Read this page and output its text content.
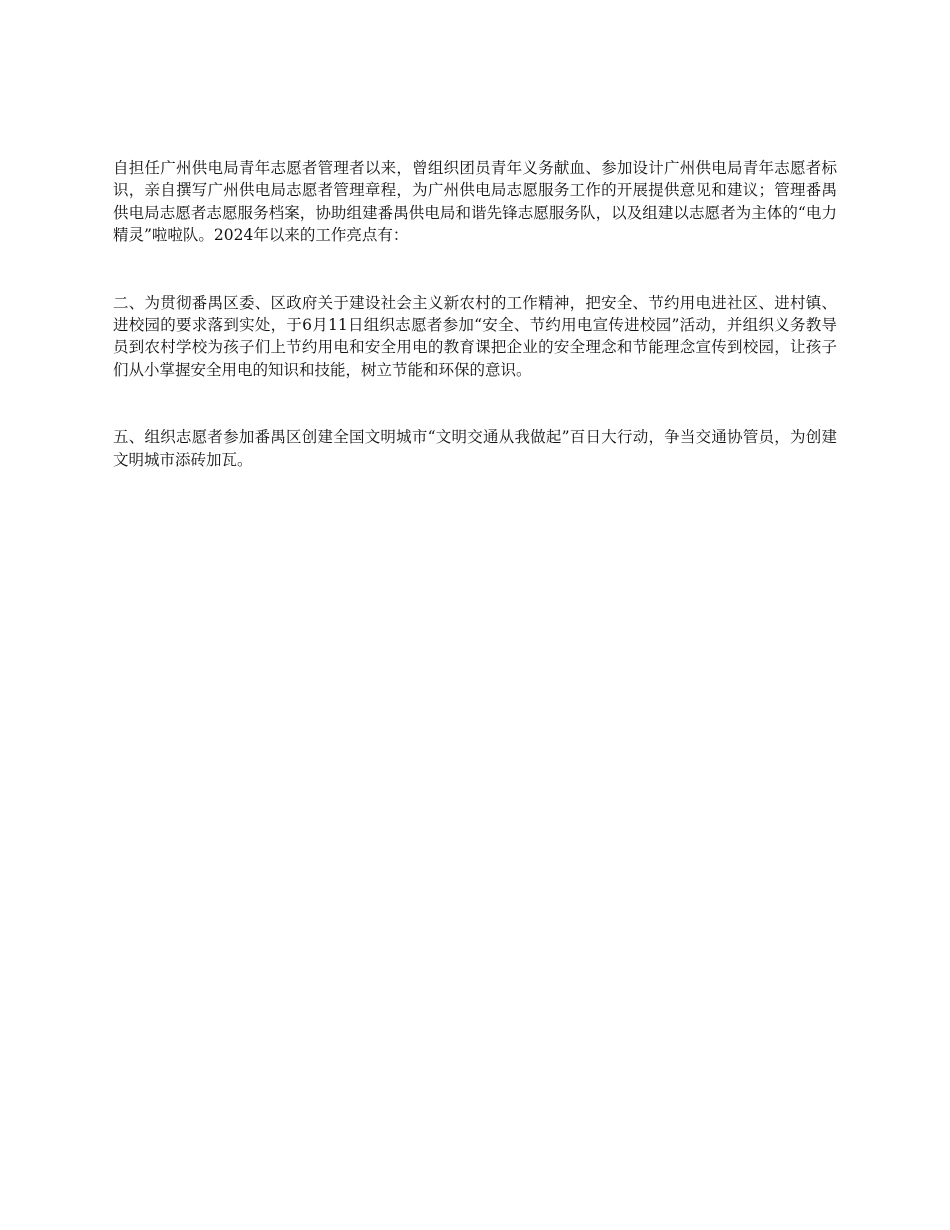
自担任广州供电局青年志愿者管理者以来，曾组织团员青年义务献血、参加设计广州供电局青年志愿者标识，亲自撰写广州供电局志愿者管理章程，为广州供电局志愿服务工作的开展提供意见和建议；管理番禺供电局志愿者志愿服务档案，协助组建番禺供电局和谐先锋志愿服务队，以及组建以志愿者为主体的“电力精灵”啦啦队。2024年以来的工作亮点有：

二、为贯彻番禺区委、区政府关于建设社会主义新农村的工作精神，把安全、节约用电进社区、进村镇、进校园的要求落到实处，于6月11日组织志愿者参加“安全、节约用电宣传进校园”活动，并组织义务教导员到农村学校为孩子们上节约用电和安全用电的教育课把企业的安全理念和节能理念宣传到校园，让孩子们从小掌握安全用电的知识和技能，树立节能和环保的意识。

五、组织志愿者参加番禺区创建全国文明城市“文明交通从我做起”百日大行动，争当交通协管员，为创建文明城市添砖加瓦。
